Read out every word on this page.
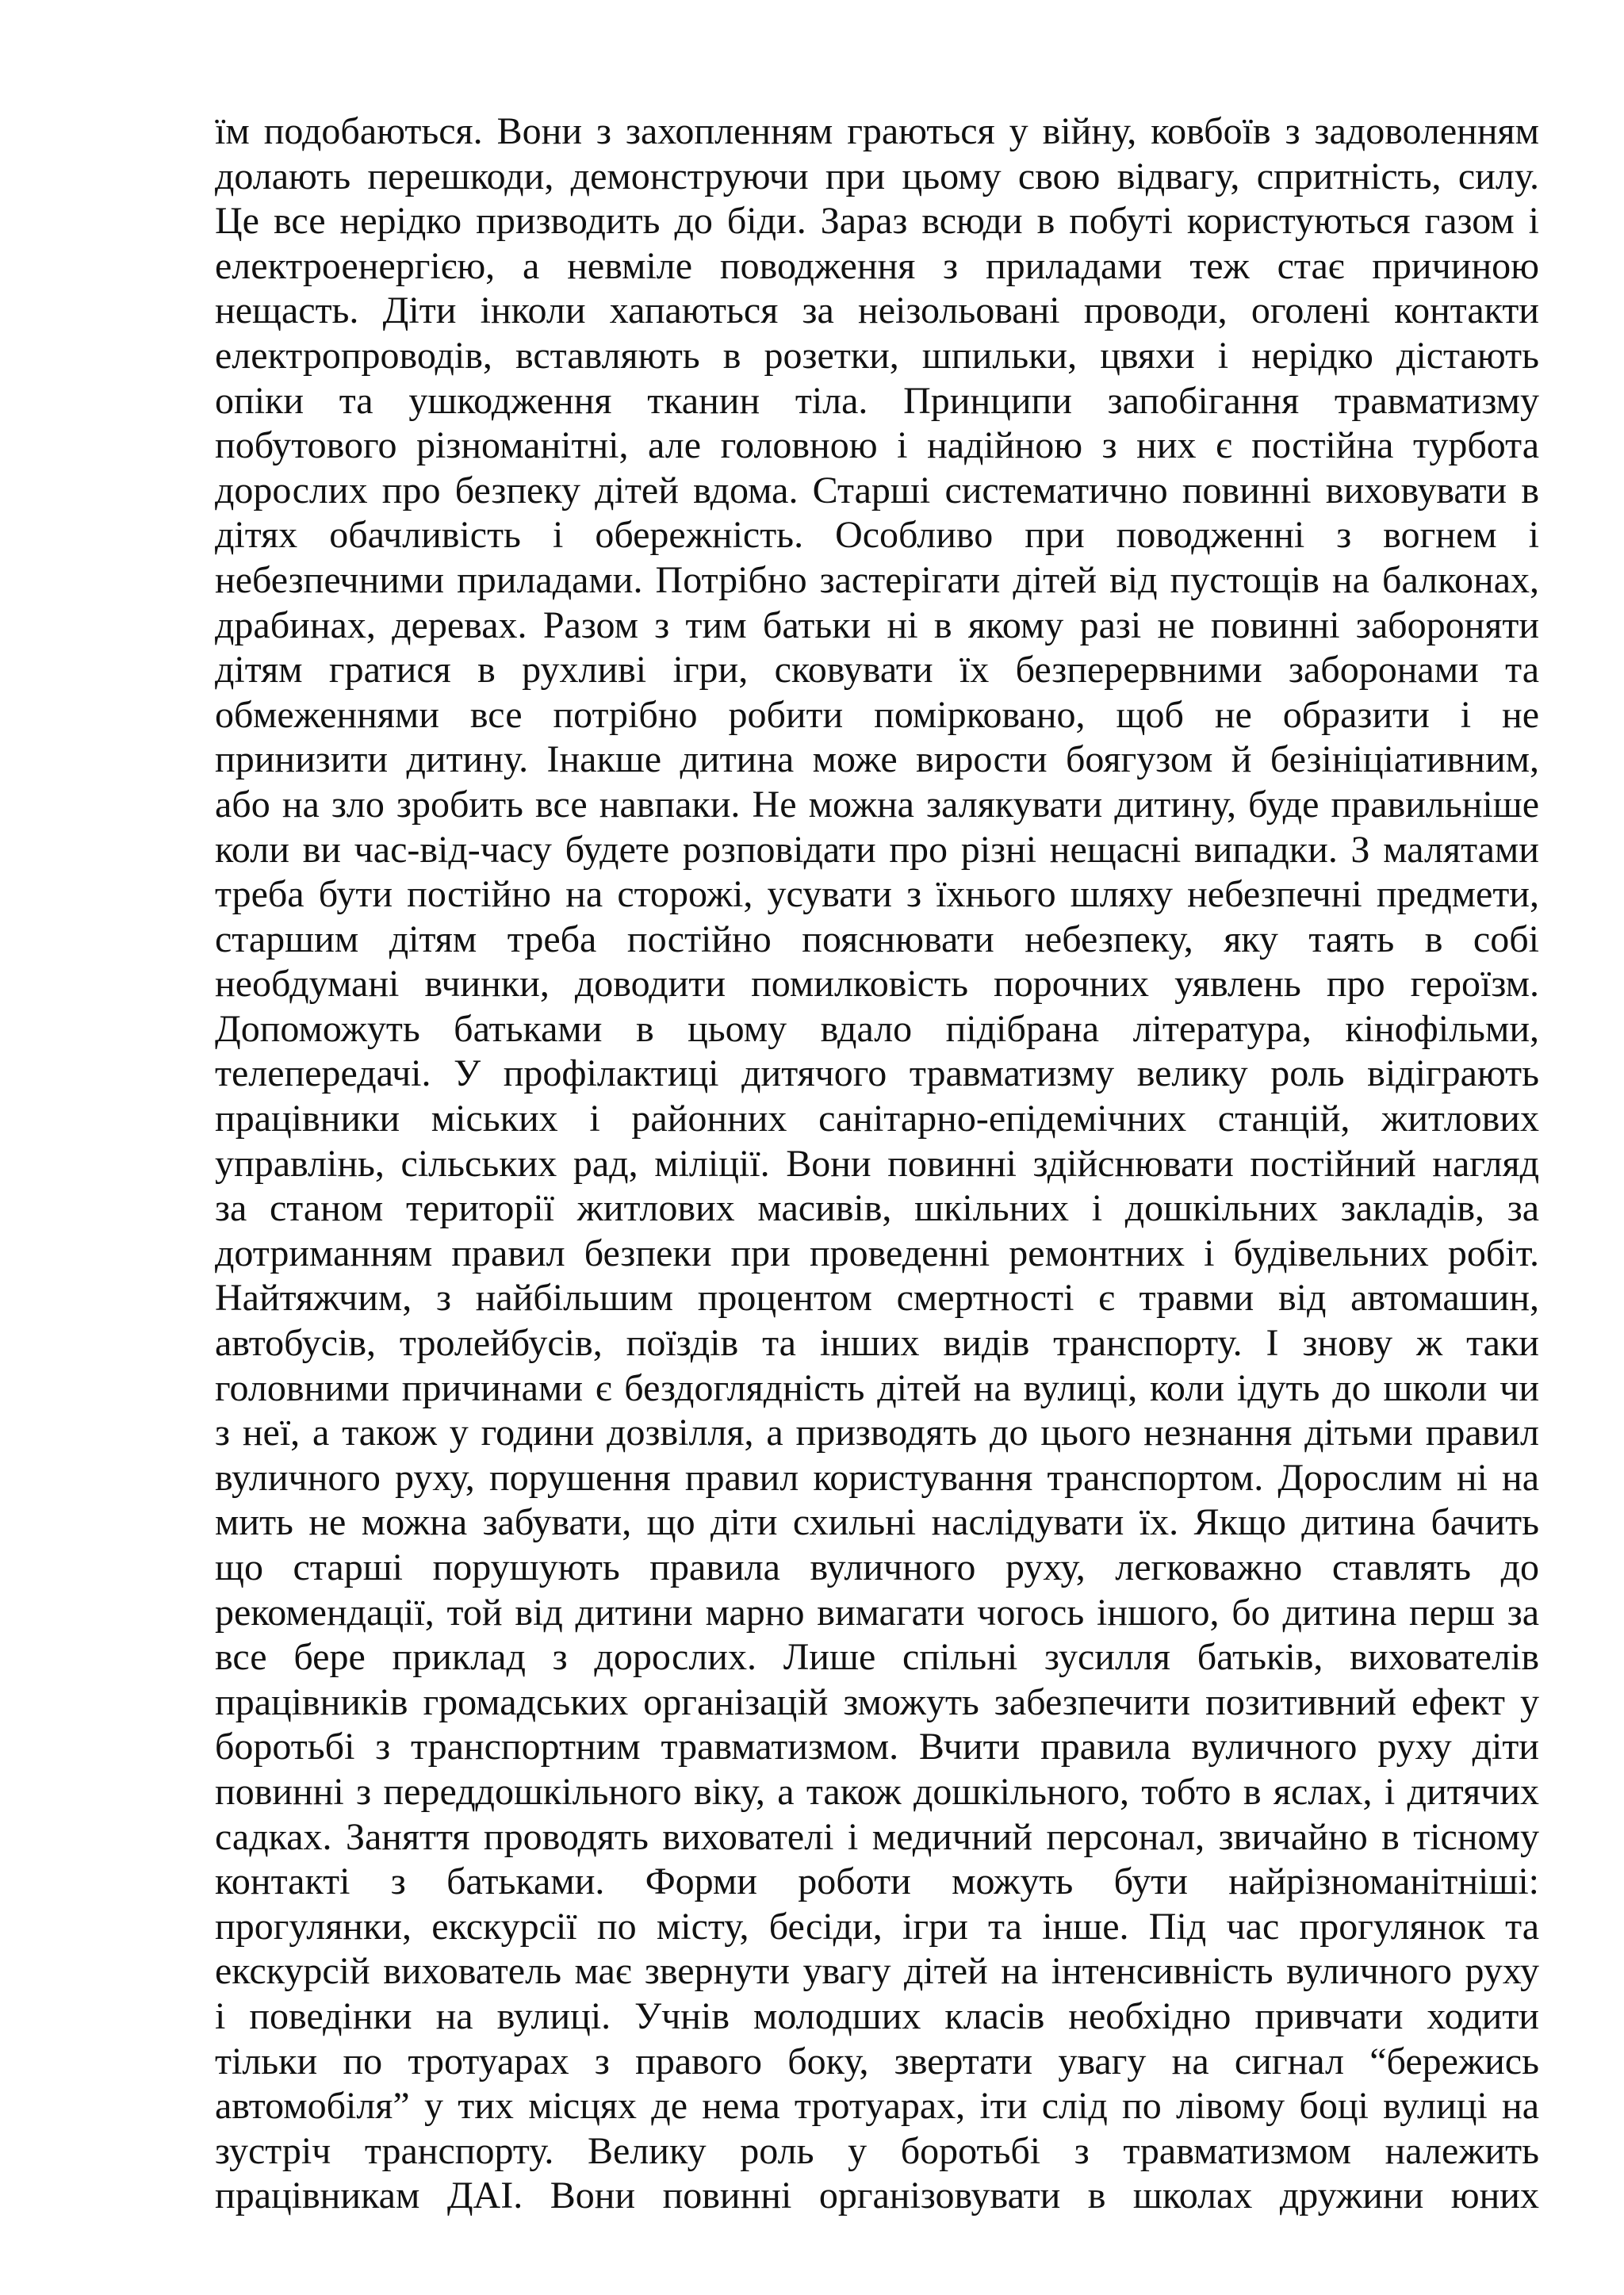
їм подобаються. Вони з захопленням граються у війну, ковбоїв з задоволенням
долають перешкоди, демонструючи при цьому свою відвагу, спритність, силу.
Це все нерідко призводить до біди. Зараз всюди в побуті користуються газом і
електроенергією, а невміле поводження з приладами теж стає причиною
нещасть. Діти інколи хапаються за неізольовані проводи, оголені контакти
електропроводів, вставляють в розетки, шпильки, цвяхи і нерідко дістають
опіки та ушкодження тканин тіла. Принципи запобігання травматизму
побутового різноманітні, але головною і надійною з них є постійна турбота
дорослих про безпеку дітей вдома. Старші систематично повинні виховувати в
дітях обачливість і обережність. Особливо при поводженні з вогнем і
небезпечними приладами. Потрібно застерігати дітей від пустощів на балконах,
драбинах, деревах. Разом з тим батьки ні в якому разі не повинні забороняти
дітям гратися в рухливі ігри, сковувати їх безперервними заборонами та
обмеженнями все потрібно робити помірковано, щоб не образити і не
принизити дитину. Інакше дитина може вирости боягузом й безініціативним,
або на зло зробить все навпаки. Не можна залякувати дитину, буде правильніше
коли ви час-від-часу будете розповідати про різні нещасні випадки. З малятами
треба бути постійно на сторожі, усувати з їхнього шляху небезпечні предмети,
старшим дітям треба постійно пояснювати небезпеку, яку таять в собі
необдумані вчинки, доводити помилковість порочних уявлень про героїзм.
Допоможуть батьками в цьому вдало підібрана література, кінофільми,
телепередачі. У профілактиці дитячого травматизму велику роль відіграють
працівники міських і районних санітарно-епідемічних станцій, житлових
управлінь, сільських рад, міліції. Вони повинні здійснювати постійний нагляд
за станом території житлових масивів, шкільних і дошкільних закладів, за
дотриманням правил безпеки при проведенні ремонтних і будівельних робіт.
Найтяжчим, з найбільшим процентом смертності є травми від автомашин,
автобусів, тролейбусів, поїздів та інших видів транспорту. І знову ж таки
головними причинами є бездоглядність дітей на вулиці, коли ідуть до школи чи
з неї, а також у години дозвілля, а призводять до цього незнання дітьми правил
вуличного руху, порушення правил користування транспортом. Дорослим ні на
мить не можна забувати, що діти схильні наслідувати їх. Якщо дитина бачить
що старші порушують правила вуличного руху, легковажно ставлять до
рекомендації, той від дитини марно вимагати чогось іншого, бо дитина перш за
все бере приклад з дорослих. Лише спільні зусилля батьків, вихователів
працівників громадських організацій зможуть забезпечити позитивний ефект у
боротьбі з транспортним травматизмом. Вчити правила вуличного руху діти
повинні з переддошкільного віку, а також дошкільного, тобто в яслах, і дитячих
садках. Заняття проводять вихователі і медичний персонал, звичайно в тісному
контакті з батьками. Форми роботи можуть бути найрізноманітніші:
прогулянки, екскурсії по місту, бесіди, ігри та інше. Під час прогулянок та
екскурсій вихователь має звернути увагу дітей на інтенсивність вуличного руху
і поведінки на вулиці. Учнів молодших класів необхідно привчати ходити
тільки по тротуарах з правого боку, звертати увагу на сигнал “бережись
автомобіля” у тих місцях де нема тротуарах, іти слід по лівому боці вулиці на
зустріч транспорту. Велику роль у боротьбі з травматизмом належить
працівникам ДАІ. Вони повинні організовувати в школах дружини юних
